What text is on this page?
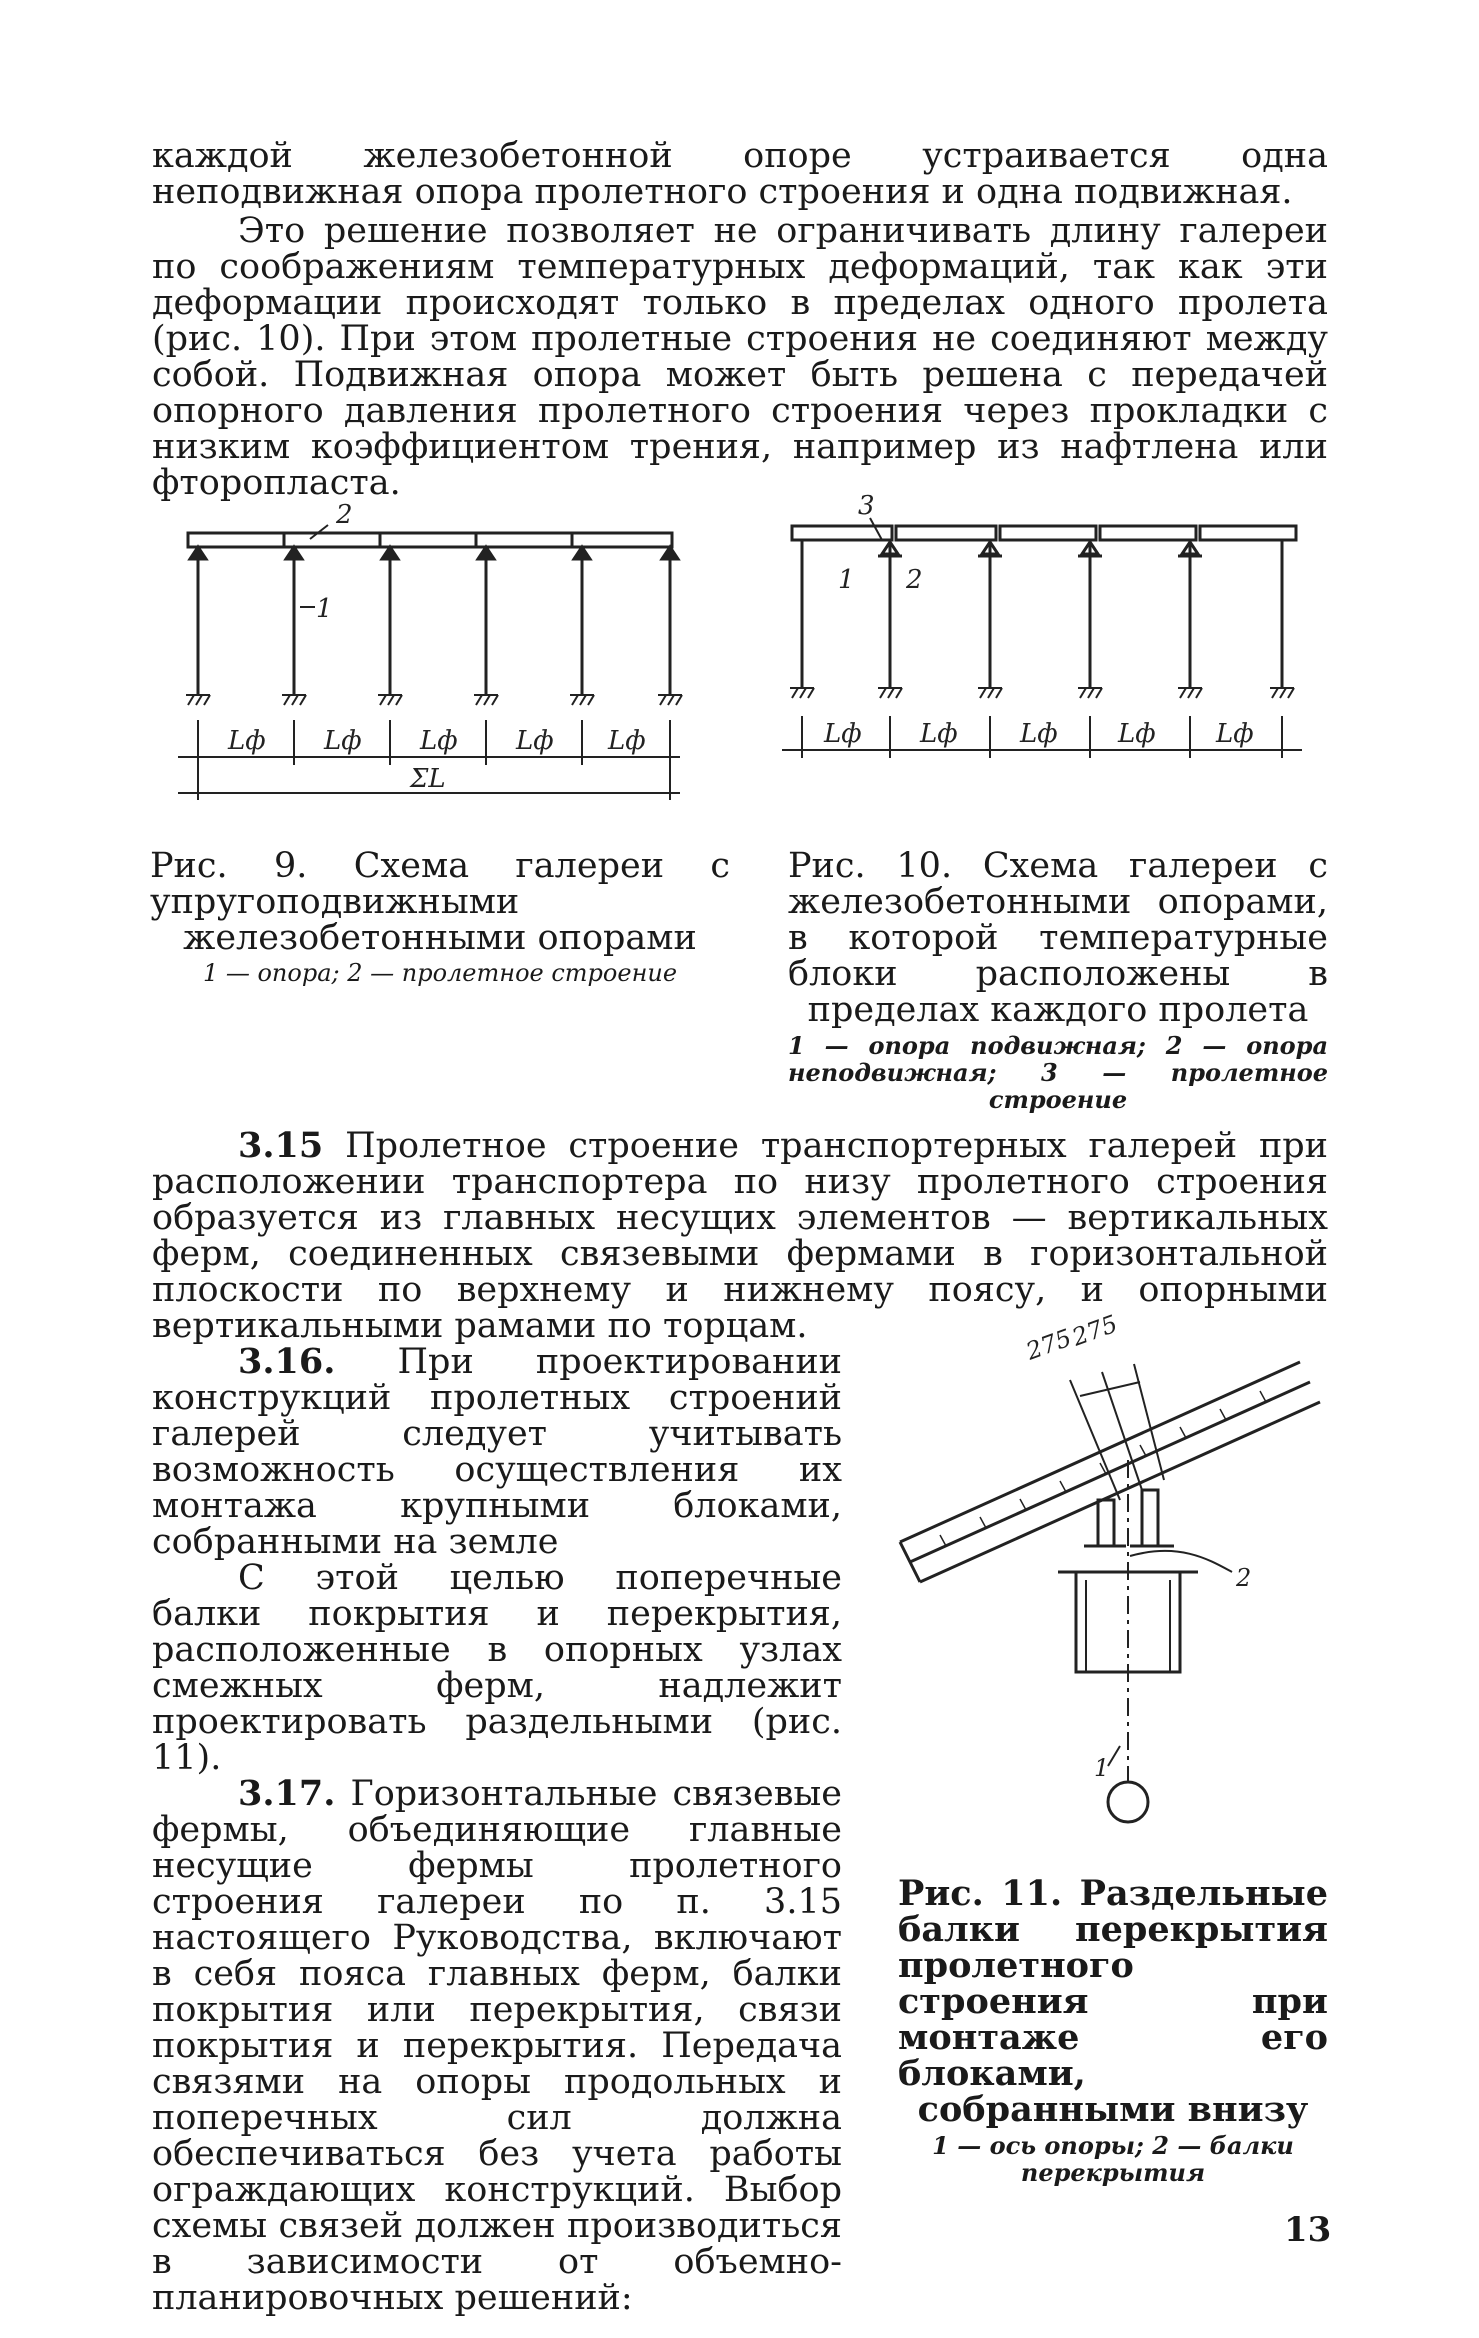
каждой железобетонной опоре устраивается одна неподвижная опора пролетного строения и одна подвижная.

Это решение позволяет не ограничивать длину галереи по соображениям температурных деформаций, так как эти деформации происходят только в пределах одного пролета (рис. 10). При этом пролетные строения не соединяют между собой. Подвижная опора может быть решена с передачей опорного давления пролетного строения через прокладки с низким коэффициентом трения, например из нафтлена или фторопласта.

2
1
Lф Lф Lф Lф Lф
ΣL
Рис. 9. Схема галереи с упругоподвижными железобетонными опорами
1 — опора; 2 — пролетное строение
3
1 2
Lф Lф Lф Lф Lф
Рис. 10. Схема галереи с железобетонными опорами, в которой температурные блоки расположены в пределах каждого пролета
1 — опора подвижная; 2 — опора неподвижная; 3 — пролетное строение

3.15 Пролетное строение транспортерных галерей при расположении транспортера по низу пролетного строения образуется из главных несущих элементов — вертикальных ферм, соединенных связевыми фермами в горизонтальной плоскости по верхнему и нижнему поясу, и опорными вертикальными рамами по торцам.

3.16. При проектировании конструкций пролетных строений галерей следует учитывать возможность осуществления их монтажа крупными блоками, собранными на земле

С этой целью поперечные балки покрытия и перекрытия, расположенные в опорных узлах смежных ферм, надлежит проектировать раздельными (рис. 11).

3.17. Горизонтальные связевые фермы, объединяющие главные несущие фермы пролетного строения галереи по п. 3.15 настоящего Руководства, включают в себя пояса главных ферм, балки покрытия или перекрытия, связи покрытия и перекрытия. Передача связями на опоры продольных и поперечных сил должна обеспечиваться без учета работы ограждающих конструкций. Выбор схемы связей должен производиться в зависимости от объемно-планировочных решений:

275
275
2
1
Рис. 11. Раздельные балки перекрытия пролетного строения при монтаже его блоками, собранными внизу
1 — ось опоры; 2 — балки перекрытия
13
